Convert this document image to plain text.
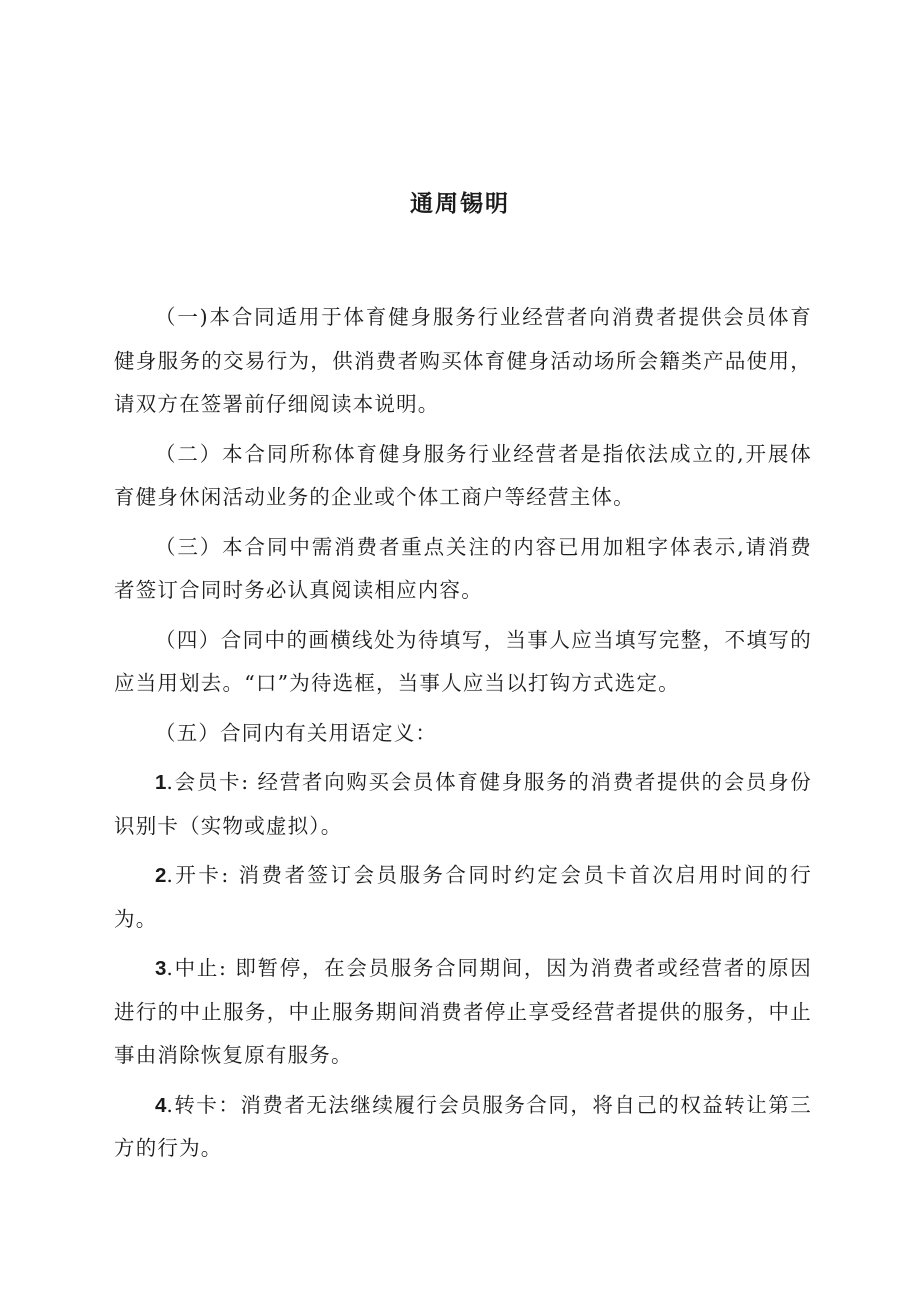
通周锡明

（一)本合同适用于体育健身服务行业经营者向消费者提供会员体育健身服务的交易行为，供消费者购买体育健身活动场所会籍类产品使用，请双方在签署前仔细阅读本说明。

（二）本合同所称体育健身服务行业经营者是指依法成立的,开展体育健身休闲活动业务的企业或个体工商户等经营主体。

（三）本合同中需消费者重点关注的内容已用加粗字体表示,请消费者签订合同时务必认真阅读相应内容。

（四）合同中的画横线处为待填写，当事人应当填写完整，不填写的应当用划去。“口”为待选框，当事人应当以打钩方式选定。

（五）合同内有关用语定义：

1.会员卡: 经营者向购买会员体育健身服务的消费者提供的会员身份识别卡（实物或虚拟）。

2.开卡: 消费者签订会员服务合同时约定会员卡首次启用时间的行为。

3.中止: 即暂停，在会员服务合同期间，因为消费者或经营者的原因进行的中止服务，中止服务期间消费者停止享受经营者提供的服务，中止事由消除恢复原有服务。

4.转卡：消费者无法继续履行会员服务合同，将自己的权益转让第三方的行为。
